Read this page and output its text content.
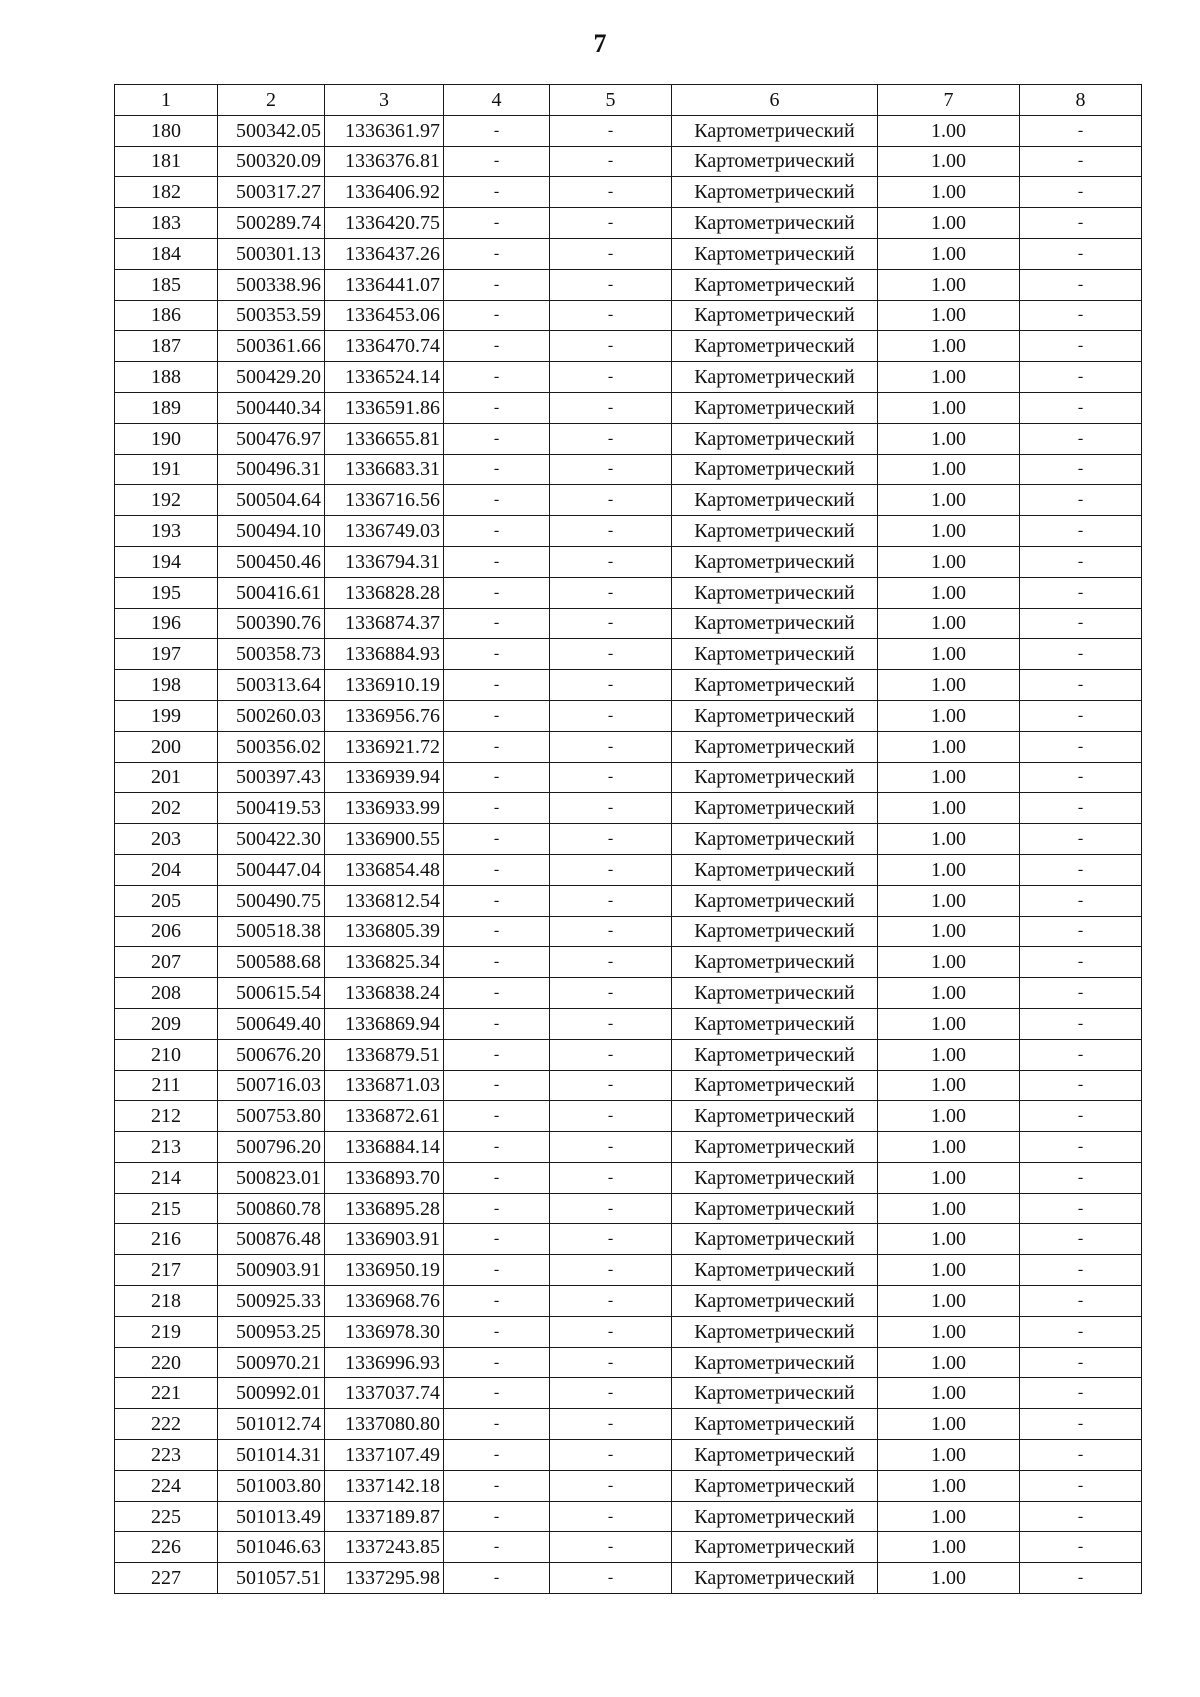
7
1	2	3	4	5	6	7	8
180	500342.05	1336361.97	-	-	Картометрический	1.00	-
181	500320.09	1336376.81	-	-	Картометрический	1.00	-
182	500317.27	1336406.92	-	-	Картометрический	1.00	-
183	500289.74	1336420.75	-	-	Картометрический	1.00	-
184	500301.13	1336437.26	-	-	Картометрический	1.00	-
185	500338.96	1336441.07	-	-	Картометрический	1.00	-
186	500353.59	1336453.06	-	-	Картометрический	1.00	-
187	500361.66	1336470.74	-	-	Картометрический	1.00	-
188	500429.20	1336524.14	-	-	Картометрический	1.00	-
189	500440.34	1336591.86	-	-	Картометрический	1.00	-
190	500476.97	1336655.81	-	-	Картометрический	1.00	-
191	500496.31	1336683.31	-	-	Картометрический	1.00	-
192	500504.64	1336716.56	-	-	Картометрический	1.00	-
193	500494.10	1336749.03	-	-	Картометрический	1.00	-
194	500450.46	1336794.31	-	-	Картометрический	1.00	-
195	500416.61	1336828.28	-	-	Картометрический	1.00	-
196	500390.76	1336874.37	-	-	Картометрический	1.00	-
197	500358.73	1336884.93	-	-	Картометрический	1.00	-
198	500313.64	1336910.19	-	-	Картометрический	1.00	-
199	500260.03	1336956.76	-	-	Картометрический	1.00	-
200	500356.02	1336921.72	-	-	Картометрический	1.00	-
201	500397.43	1336939.94	-	-	Картометрический	1.00	-
202	500419.53	1336933.99	-	-	Картометрический	1.00	-
203	500422.30	1336900.55	-	-	Картометрический	1.00	-
204	500447.04	1336854.48	-	-	Картометрический	1.00	-
205	500490.75	1336812.54	-	-	Картометрический	1.00	-
206	500518.38	1336805.39	-	-	Картометрический	1.00	-
207	500588.68	1336825.34	-	-	Картометрический	1.00	-
208	500615.54	1336838.24	-	-	Картометрический	1.00	-
209	500649.40	1336869.94	-	-	Картометрический	1.00	-
210	500676.20	1336879.51	-	-	Картометрический	1.00	-
211	500716.03	1336871.03	-	-	Картометрический	1.00	-
212	500753.80	1336872.61	-	-	Картометрический	1.00	-
213	500796.20	1336884.14	-	-	Картометрический	1.00	-
214	500823.01	1336893.70	-	-	Картометрический	1.00	-
215	500860.78	1336895.28	-	-	Картометрический	1.00	-
216	500876.48	1336903.91	-	-	Картометрический	1.00	-
217	500903.91	1336950.19	-	-	Картометрический	1.00	-
218	500925.33	1336968.76	-	-	Картометрический	1.00	-
219	500953.25	1336978.30	-	-	Картометрический	1.00	-
220	500970.21	1336996.93	-	-	Картометрический	1.00	-
221	500992.01	1337037.74	-	-	Картометрический	1.00	-
222	501012.74	1337080.80	-	-	Картометрический	1.00	-
223	501014.31	1337107.49	-	-	Картометрический	1.00	-
224	501003.80	1337142.18	-	-	Картометрический	1.00	-
225	501013.49	1337189.87	-	-	Картометрический	1.00	-
226	501046.63	1337243.85	-	-	Картометрический	1.00	-
227	501057.51	1337295.98	-	-	Картометрический	1.00	-
